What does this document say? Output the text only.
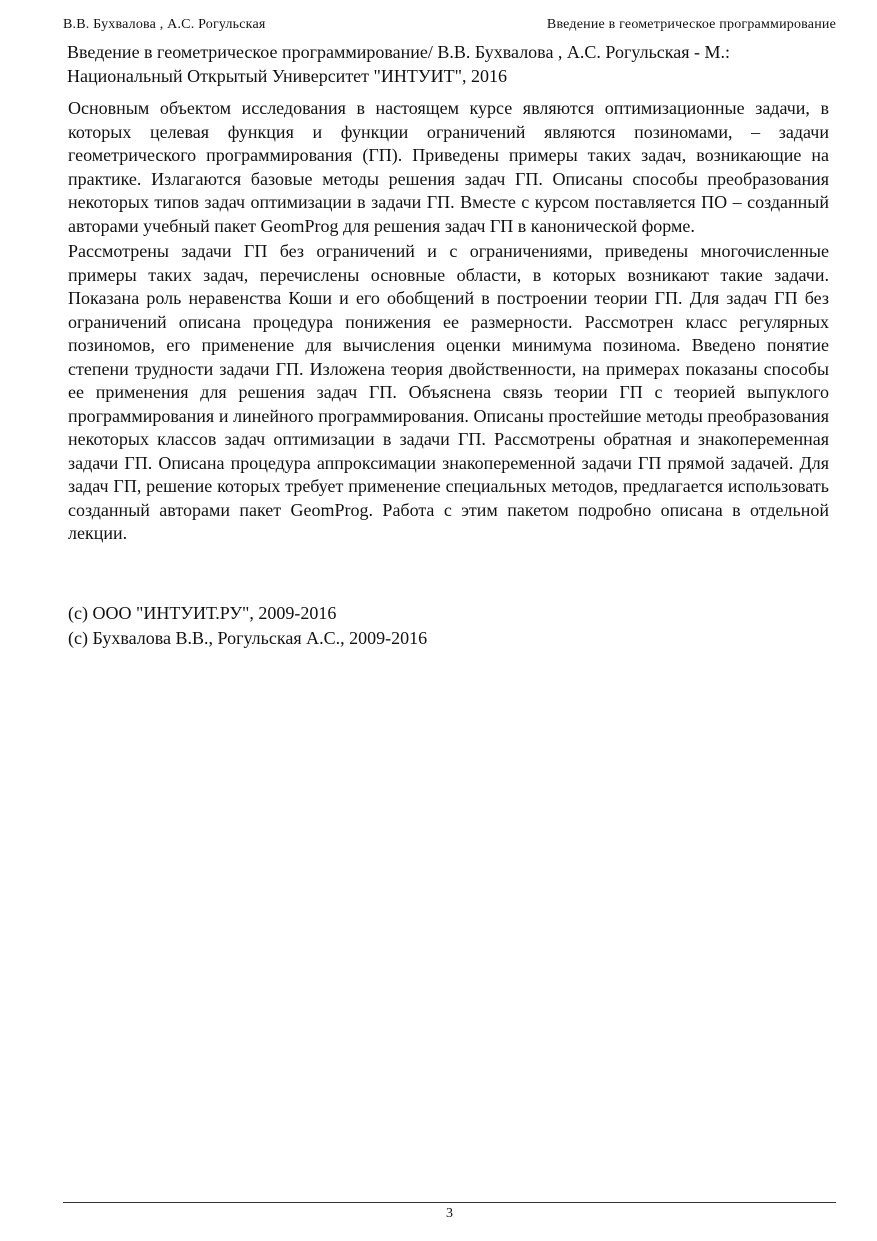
В.В. Бухвалова , А.С. Рогульская	Введение в геометрическое программирование
Введение в геометрическое программирование/ В.В. Бухвалова , А.С. Рогульская - М.:
Национальный Открытый Университет "ИНТУИТ", 2016

Основным объектом исследования в настоящем курсе являются оптимизационные задачи, в которых целевая функция и функции ограничений являются позиномами, – задачи геометрического программирования (ГП). Приведены примеры таких задач, возникающие на практике. Излагаются базовые методы решения задач ГП. Описаны способы преобразования некоторых типов задач оптимизации в задачи ГП. Вместе с курсом поставляется ПО – созданный авторами учебный пакет GeomProg для решения задач ГП в канонической форме.

Рассмотрены задачи ГП без ограничений и с ограничениями, приведены многочисленные примеры таких задач, перечислены основные области, в которых возникают такие задачи. Показана роль неравенства Коши и его обобщений в построении теории ГП. Для задач ГП без ограничений описана процедура понижения ее размерности. Рассмотрен класс регулярных позиномов, его применение для вычисления оценки минимума позинома. Введено понятие степени трудности задачи ГП. Изложена теория двойственности, на примерах показаны способы ее применения для решения задач ГП. Объяснена связь теории ГП с теорией выпуклого программирования и линейного программирования. Описаны простейшие методы преобразования некоторых классов задач оптимизации в задачи ГП. Рассмотрены обратная и знакопеременная задачи ГП. Описана процедура аппроксимации знакопеременной задачи ГП прямой задачей. Для задач ГП, решение которых требует применение специальных методов, предлагается использовать созданный авторами пакет GeomProg. Работа с этим пакетом подробно описана в отдельной лекции.

(c) ООО "ИНТУИТ.РУ", 2009-2016
(c) Бухвалова В.В., Рогульская А.С., 2009-2016
3
